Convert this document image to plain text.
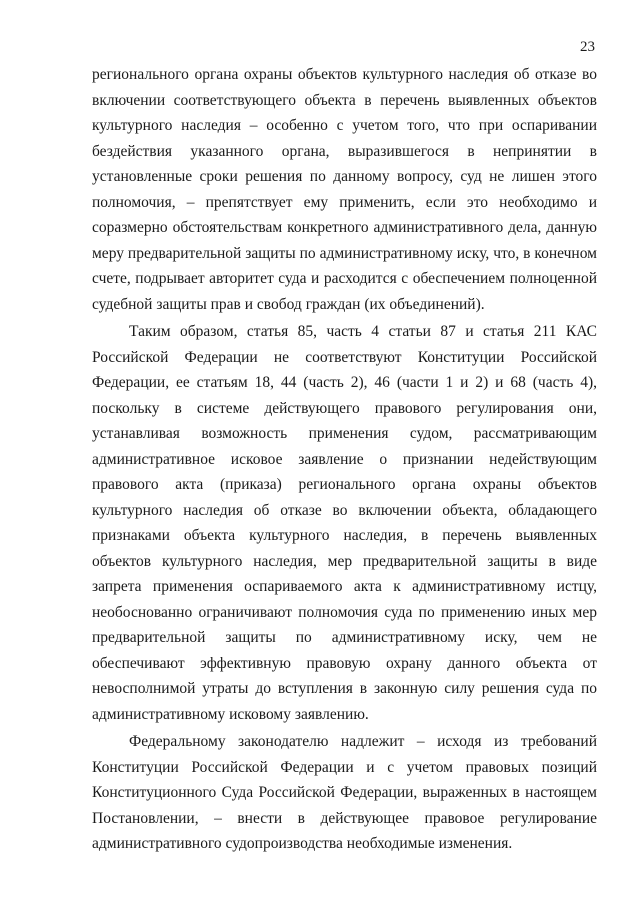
23

регионального органа охраны объектов культурного наследия об отказе во включении соответствующего объекта в перечень выявленных объектов культурного наследия – особенно с учетом того, что при оспаривании бездействия указанного органа, выразившегося в непринятии в установленные сроки решения по данному вопросу, суд не лишен этого полномочия, – препятствует ему применить, если это необходимо и соразмерно обстоятельствам конкретного административного дела, данную меру предварительной защиты по административному иску, что, в конечном счете, подрывает авторитет суда и расходится с обеспечением полноценной судебной защиты прав и свобод граждан (их объединений).

Таким образом, статья 85, часть 4 статьи 87 и статья 211 КАС Российской Федерации не соответствуют Конституции Российской Федерации, ее статьям 18, 44 (часть 2), 46 (части 1 и 2) и 68 (часть 4), поскольку в системе действующего правового регулирования они, устанавливая возможность применения судом, рассматривающим административное исковое заявление о признании недействующим правового акта (приказа) регионального органа охраны объектов культурного наследия об отказе во включении объекта, обладающего признаками объекта культурного наследия, в перечень выявленных объектов культурного наследия, мер предварительной защиты в виде запрета применения оспариваемого акта к административному истцу, необоснованно ограничивают полномочия суда по применению иных мер предварительной защиты по административному иску, чем не обеспечивают эффективную правовую охрану данного объекта от невосполнимой утраты до вступления в законную силу решения суда по административному исковому заявлению.

Федеральному законодателю надлежит – исходя из требований Конституции Российской Федерации и с учетом правовых позиций Конституционного Суда Российской Федерации, выраженных в настоящем Постановлении, – внести в действующее правовое регулирование административного судопроизводства необходимые изменения.
